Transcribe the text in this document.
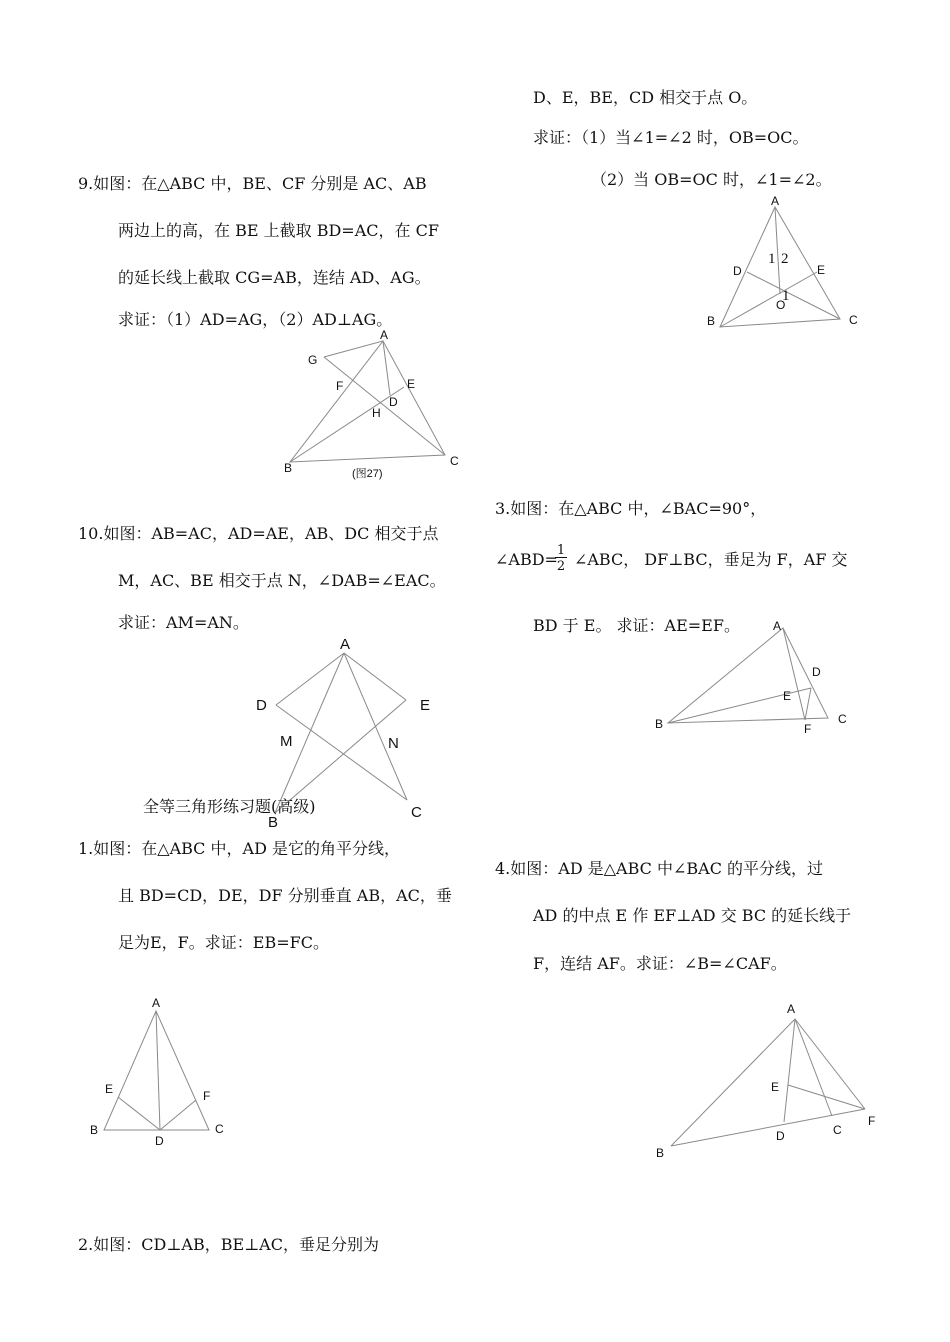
D、E，BE，CD 相交于点 O。
求证：（1）当∠1=∠2 时，OB=OC。
（2）当 OB=OC 时，∠1=∠2。
A
D	E
O
B	C
1 2
1
9.如图：在△ABC 中，BE、CF 分别是 AC、AB
两边上的高，在 BE 上截取 BD=AC，在 CF
的延长线上截取 CG=AB，连结 AD、AG。
求证：（1）AD=AG，（2）AD⊥AG。
A
G
F	E
D
H
B	C
(图27)
3.如图：在△ABC 中，∠BAC=90°，
∠ABD= ∠ABC， DF⊥BC，垂足为 F，AF 交
1
2
BD 于 E。 求证：AE=EF。	A
D
E
B	F
C
10.如图：AB=AC，AD=AE，AB、DC 相交于点
M，AC、BE 相交于点 N，∠DAB=∠EAC。
求证：AM=AN。
A
D	E
M	N
C
B
全等三角形练习题(高级)
1.如图：在△ABC 中，AD 是它的角平分线，
且 BD=CD，DE，DF 分别垂直 AB，AC，垂
足为E，F。求证：EB=FC。
A
E	F
B
D
C
2.如图：CD⊥AB，BE⊥AC，垂足分别为
4.如图：AD 是△ABC 中∠BAC 的平分线，过
AD 的中点 E 作 EF⊥AD 交 BC 的延长线于
F，连结 AF。求证：∠B=∠CAF。
A
E
F
D	C
B
